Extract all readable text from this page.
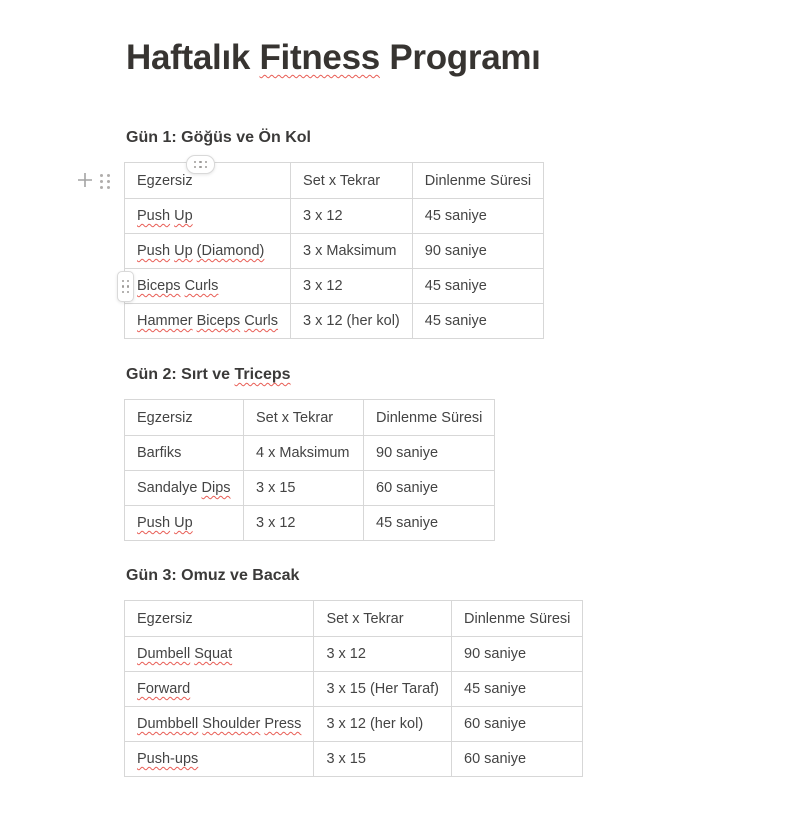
Haftalık Fitness Programı
Gün 1: Göğüs ve Ön Kol
Egzersiz	Set x Tekrar	Dinlenme Süresi
Push Up	3 x 12	45 saniye
Push Up (Diamond)	3 x Maksimum	90 saniye
Biceps Curls	3 x 12	45 saniye
Hammer Biceps Curls	3 x 12 (her kol)	45 saniye
Gün 2: Sırt ve Triceps
Egzersiz	Set x Tekrar	Dinlenme Süresi
Barfiks	4 x Maksimum	90 saniye
Sandalye Dips	3 x 15	60 saniye
Push Up	3 x 12	45 saniye
Gün 3: Omuz ve Bacak
Egzersiz	Set x Tekrar	Dinlenme Süresi
Dumbell Squat	3 x 12	90 saniye
Forward	3 x 15 (Her Taraf)	45 saniye
Dumbbell Shoulder Press	3 x 12 (her kol)	60 saniye
Push-ups	3 x 15	60 saniye
